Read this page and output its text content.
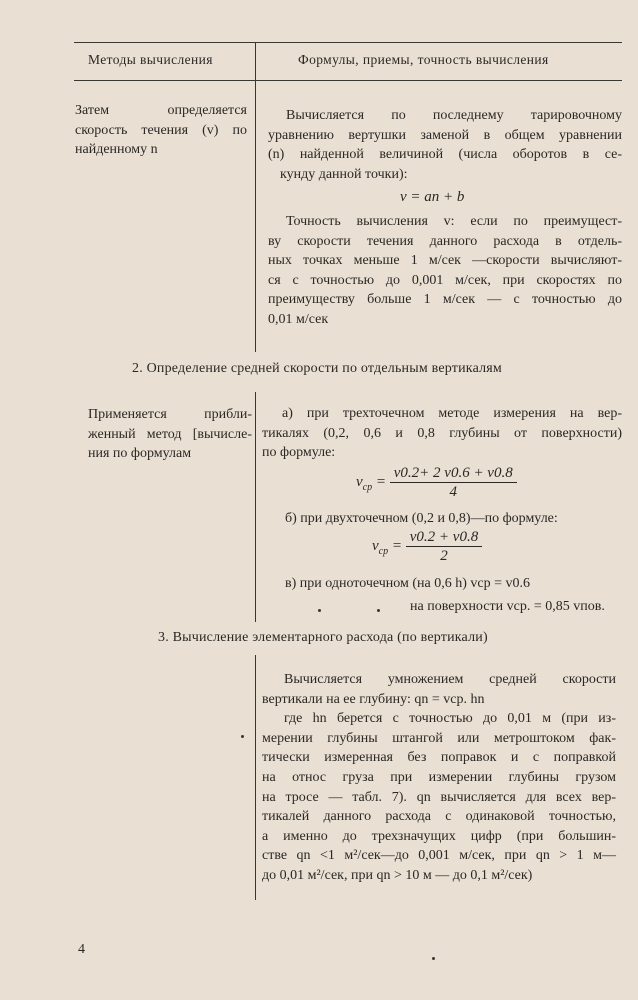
Методы вычисления	Формулы, приемы, точность вычисления
Затем определяется
скорость течения (v) по
найденному n
Вычисляется по последнему тарировочному
уравнению вертушки заменой в общем уравнении
(n) найденной величиной (числа оборотов в се-
кунду данной точки):
v = an + b
Точность вычисления v: если по преимущест-
ву скорости течения данного расхода в отдель-
ных точках меньше 1 м/сек —скорости вычисляют-
ся с точностью до 0,001 м/сек, при скоростях по
преимуществу больше 1 м/сек — с точностью до
0,01 м/сек
2. Определение средней скорости по отдельным вертикалям
Применяется прибли-
женный метод [вычисле-
ния по формулам
а) при трехточечном методе измерения на вер-
тикалях (0,2, 0,6 и 0,8 глубины от поверхности)
по формуле:
$v_{ср} = \frac{v0.2+ 2 v0.6 + v0.8}{4}$
б) при двухточечном (0,2 и 0,8)—по формуле:
$v_{ср} = \frac{v0.2 + v0.8}{2}$
в) при одноточечном (на 0,6 h) vср = v0.6
на поверхности vср. = 0,85 vпов.
3. Вычисление элементарного расхода (по вертикали)
Вычисляется умножением средней скорости
вертикали на ее глубину: qn = vср. hn
где hn берется с точностью до 0,01 м (при из-
мерении глубины штангой или метроштоком фак-
тически измеренная без поправок и с поправкой
на относ груза при измерении глубины грузом
на тросе — табл. 7). qn вычисляется для всех вер-
тикалей данного расхода с одинаковой точностью,
а именно до трехзначущих цифр (при большин-
стве qn <1 м²/сек—до 0,001 м/сек, при qn > 1 м—
до 0,01 м²/сек, при qn > 10 м — до 0,1 м²/сек)
4
